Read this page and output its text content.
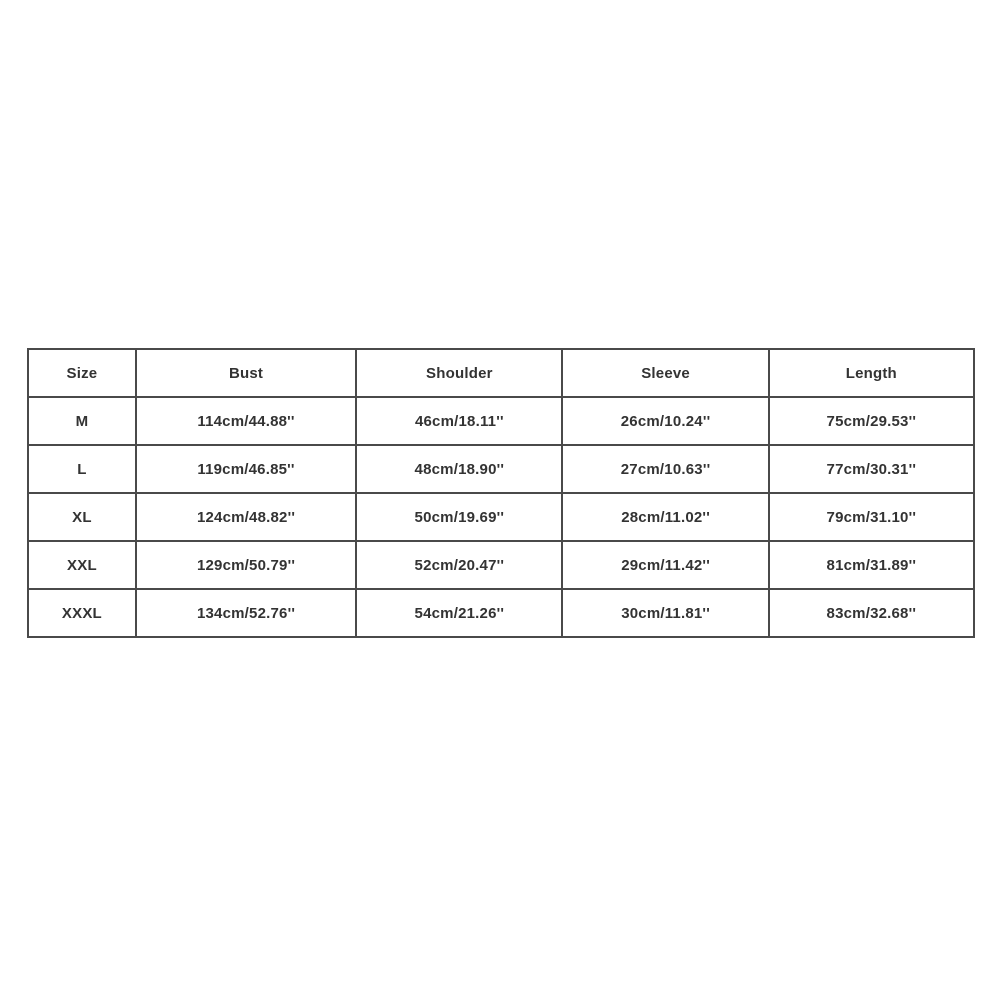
Size	Bust	Shoulder	Sleeve	Length
M	114cm/44.88''	46cm/18.11''	26cm/10.24''	75cm/29.53''
L	119cm/46.85''	48cm/18.90''	27cm/10.63''	77cm/30.31''
XL	124cm/48.82''	50cm/19.69''	28cm/11.02''	79cm/31.10''
XXL	129cm/50.79''	52cm/20.47''	29cm/11.42''	81cm/31.89''
XXXL	134cm/52.76''	54cm/21.26''	30cm/11.81''	83cm/32.68''
